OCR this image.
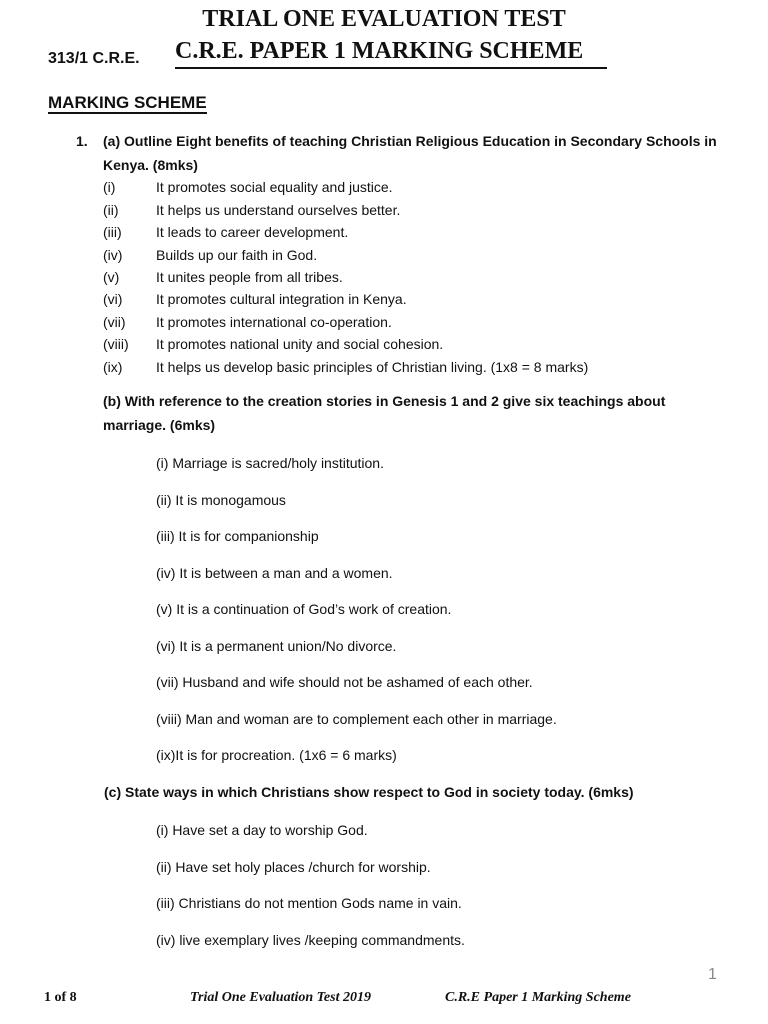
TRIAL ONE EVALUATION TEST
313/1 C.R.E. C.R.E. PAPER 1 MARKING SCHEME
MARKING SCHEME
1. (a) Outline Eight benefits of teaching Christian Religious Education in Secondary Schools in
Kenya. (8mks)
(i)	It promotes social equality and justice.
(ii)	It helps us understand ourselves better.
(iii) It leads to career development.
(iv) Builds up our faith in God.
(v)	It unites people from all tribes.
(vi) It promotes cultural integration in Kenya.
(vii) It promotes international co-operation.
(viii) It promotes national unity and social cohesion.
(ix) It helps us develop basic principles of Christian living. (1x8 = 8 marks)
(b) With reference to the creation stories in Genesis 1 and 2 give six teachings about
marriage. (6mks)
(i) Marriage is sacred/holy institution.
(ii) It is monogamous
(iii) It is for companionship
(iv) It is between a man and a women.
(v) It is a continuation of God’s work of creation.
(vi) It is a permanent union/No divorce.
(vii) Husband and wife should not be ashamed of each other.
(viii) Man and woman are to complement each other in marriage.
(ix)It is for procreation. (1x6 = 6 marks)
(c) State ways in which Christians show respect to God in society today. (6mks)
(i) Have set a day to worship God.
(ii) Have set holy places /church for worship.
(iii) Christians do not mention Gods name in vain.
(iv) live exemplary lives /keeping commandments.
1
1 of 8	Trial One Evaluation Test 2019	C.R.E Paper 1 Marking Scheme
